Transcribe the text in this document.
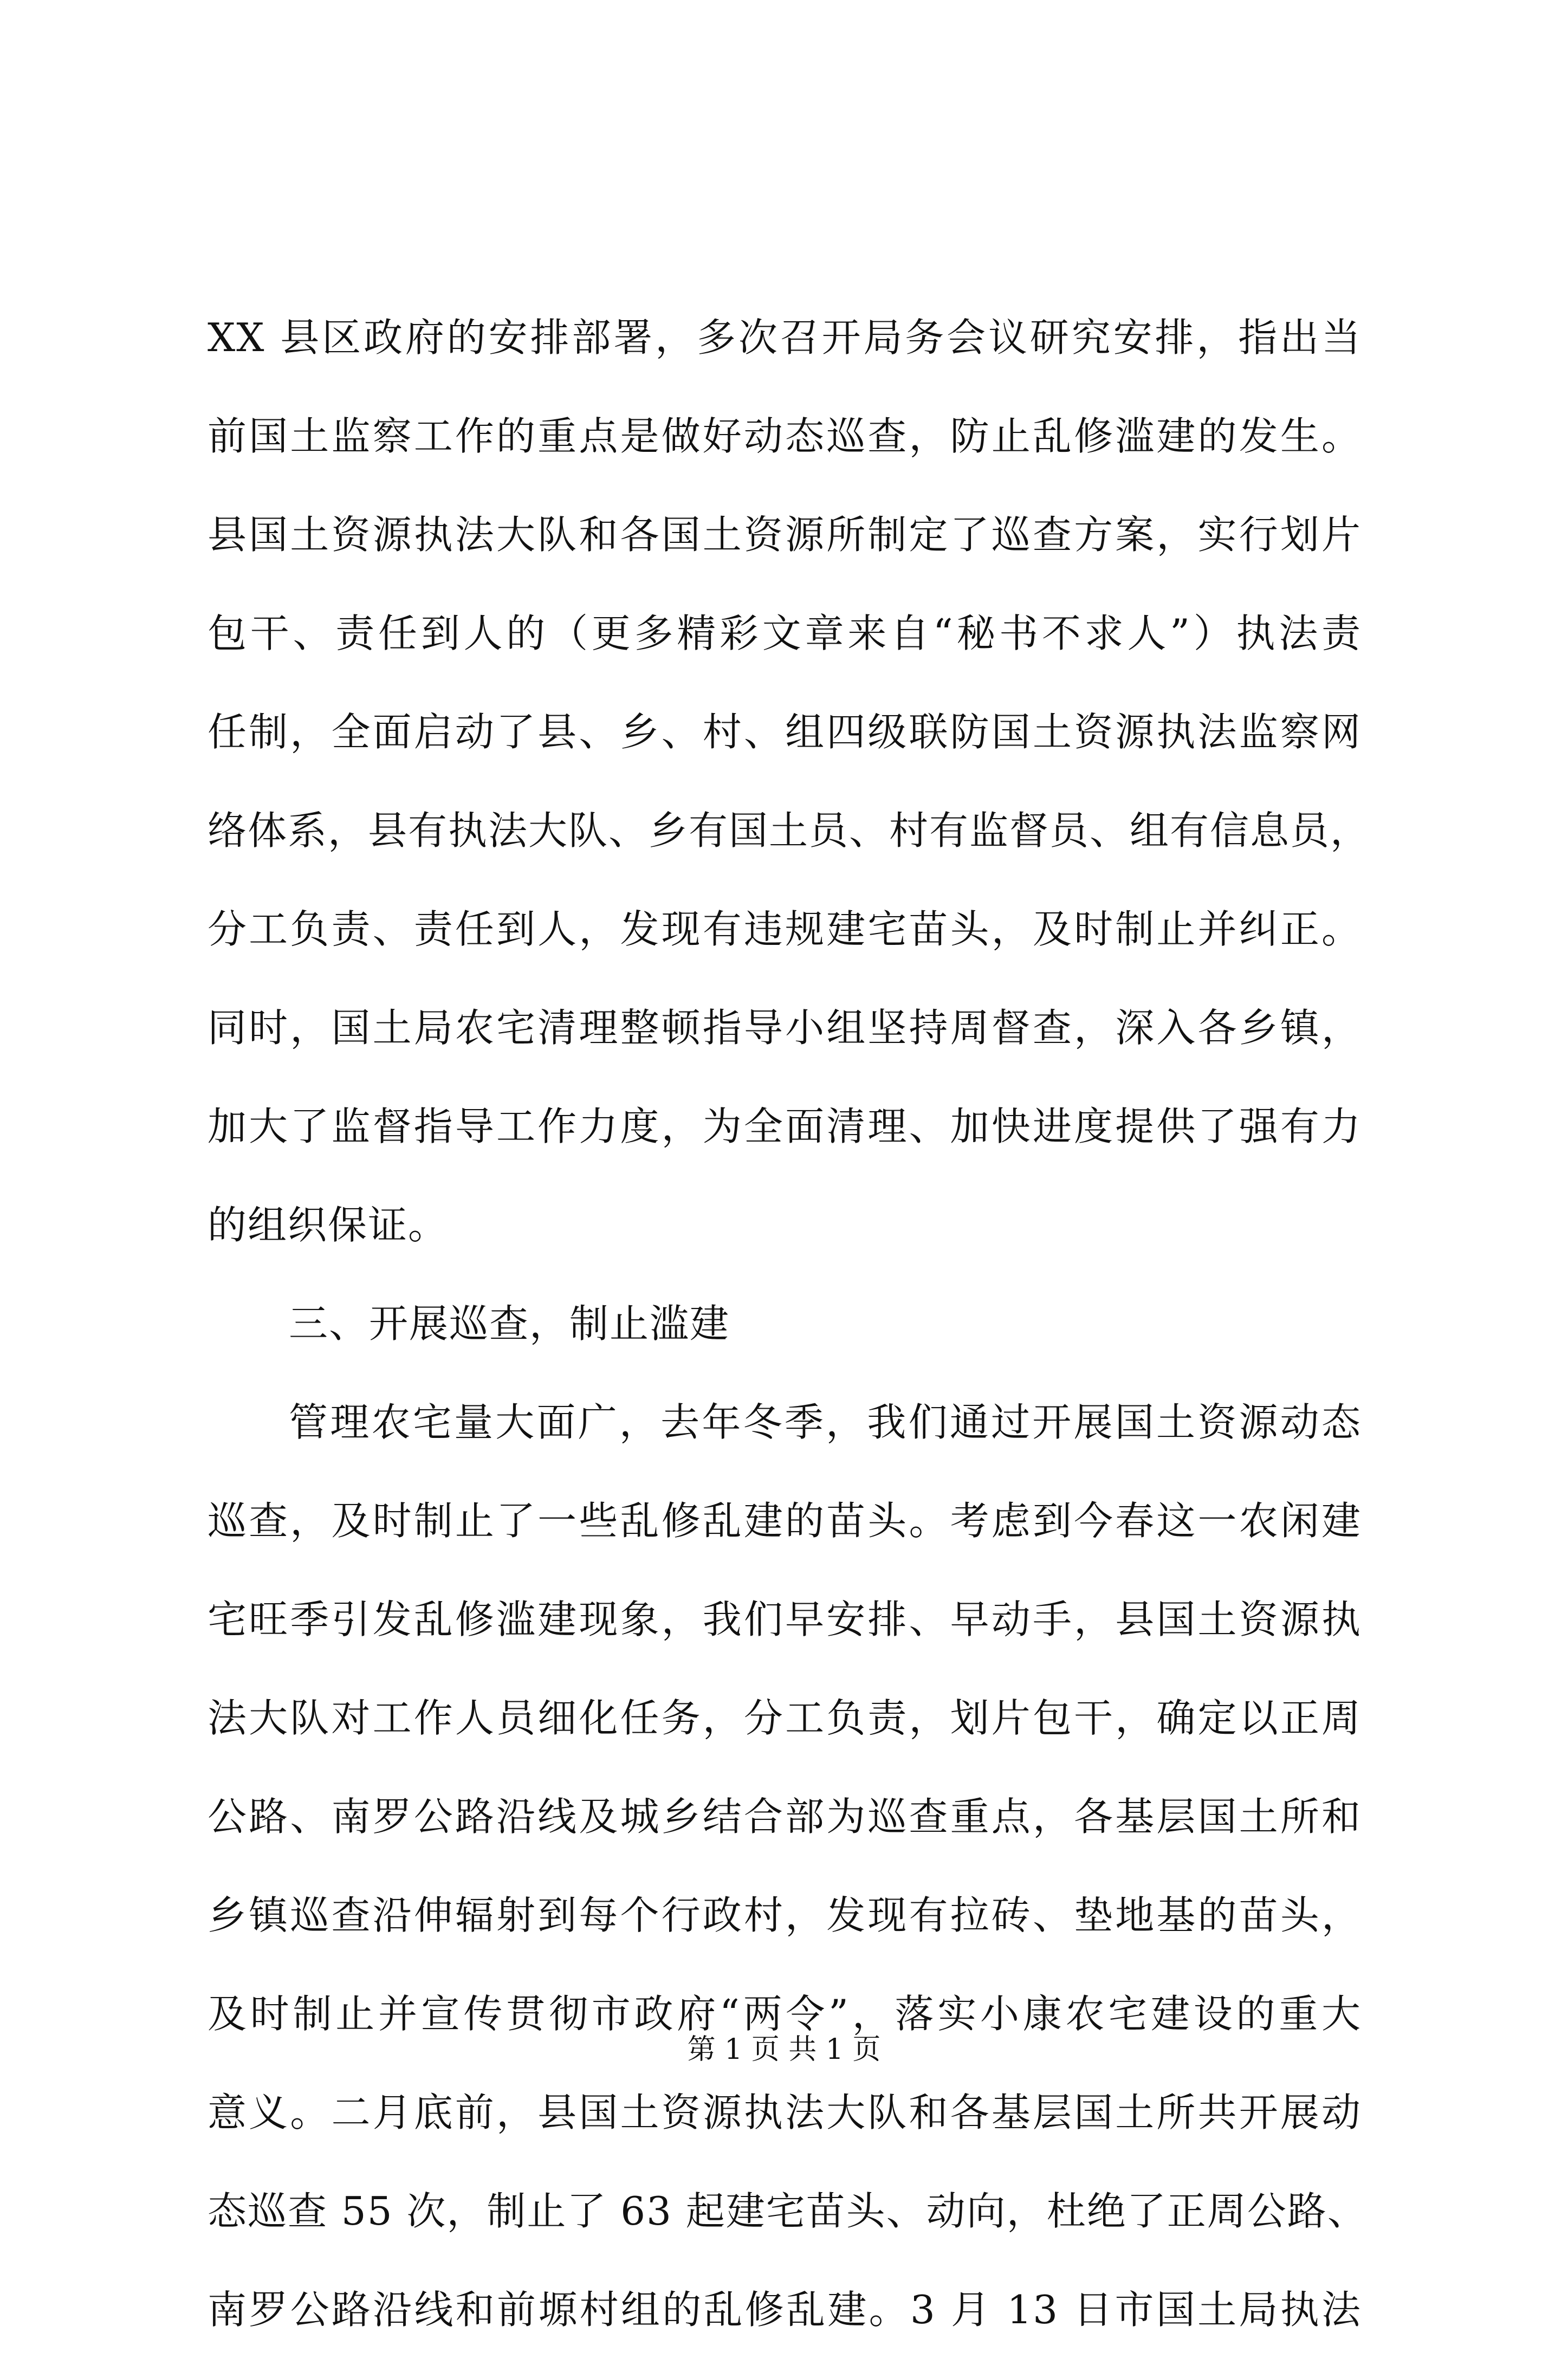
XX 县区政府的安排部署，多次召开局务会议研究安排，指出当
前国土监察工作的重点是做好动态巡查，防止乱修滥建的发生。
县国土资源执法大队和各国土资源所制定了巡查方案，实行划片
包干、责任到人的（更多精彩文章来自“秘书不求人”）执法责
任制，全面启动了县、乡、村、组四级联防国土资源执法监察网
络体系，县有执法大队、乡有国土员、村有监督员、组有信息员，
分工负责、责任到人，发现有违规建宅苗头，及时制止并纠正。
同时，国土局农宅清理整顿指导小组坚持周督查，深入各乡镇，
加大了监督指导工作力度，为全面清理、加快进度提供了强有力
的组织保证。
三、开展巡查，制止滥建
管理农宅量大面广，去年冬季，我们通过开展国土资源动态
巡查，及时制止了一些乱修乱建的苗头。考虑到今春这一农闲建
宅旺季引发乱修滥建现象，我们早安排、早动手，县国土资源执
法大队对工作人员细化任务，分工负责，划片包干，确定以正周
公路、南罗公路沿线及城乡结合部为巡查重点，各基层国土所和
乡镇巡查沿伸辐射到每个行政村，发现有拉砖、垫地基的苗头，
及时制止并宣传贯彻市政府“两令”，落实小康农宅建设的重大
意义。二月底前，县国土资源执法大队和各基层国土所共开展动
态巡查 55 次，制止了 63 起建宅苗头、动向，杜绝了正周公路、
南罗公路沿线和前塬村组的乱修乱建。3 月 13 日市国土局执法
第 1 页 共 1 页
